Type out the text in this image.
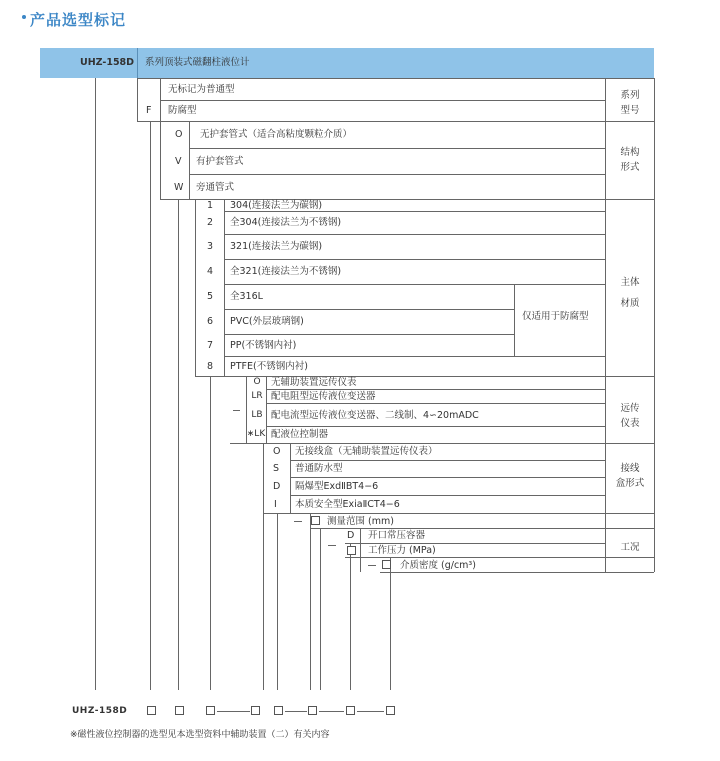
产品选型标记
UHZ-158D 系列顶装式磁翻柱液位计
无标记为普通型
F 防腐型
系列
型号
O 无护套管式（适合高粘度颗粒介质）
V 有护套管式
W 旁通管式
结构
形式
1 304(连接法兰为碳钢)
2 全304(连接法兰为不锈钢)
3 321(连接法兰为碳钢)
4 全321(连接法兰为不锈钢)
5 全316L
6 PVC(外层玻璃钢)
7 PP(不锈钢内衬)
8 PTFE(不锈钢内衬)
仅适用于防腐型
主体
材质
O	无辅助装置远传仪表
LR 配电阻型远传液位变送器
LB 配电流型远传液位变送器、二线制、4∽20mADC
∗LK 配液位控制器
远传
仪表
O 无接线盒（无辅助装置远传仪表）
S 普通防水型
D 隔爆型ExdⅡBT4−6
I 本质安全型ExiaⅡCT4−6
接线
盒形式
测量范围 (mm)
D 开口常压容器
工作压力 (MPa)
介质密度 (g/cm³)
工况
UHZ-158D
※磁性液位控制器的选型见本选型资料中辅助装置（二）有关内容
